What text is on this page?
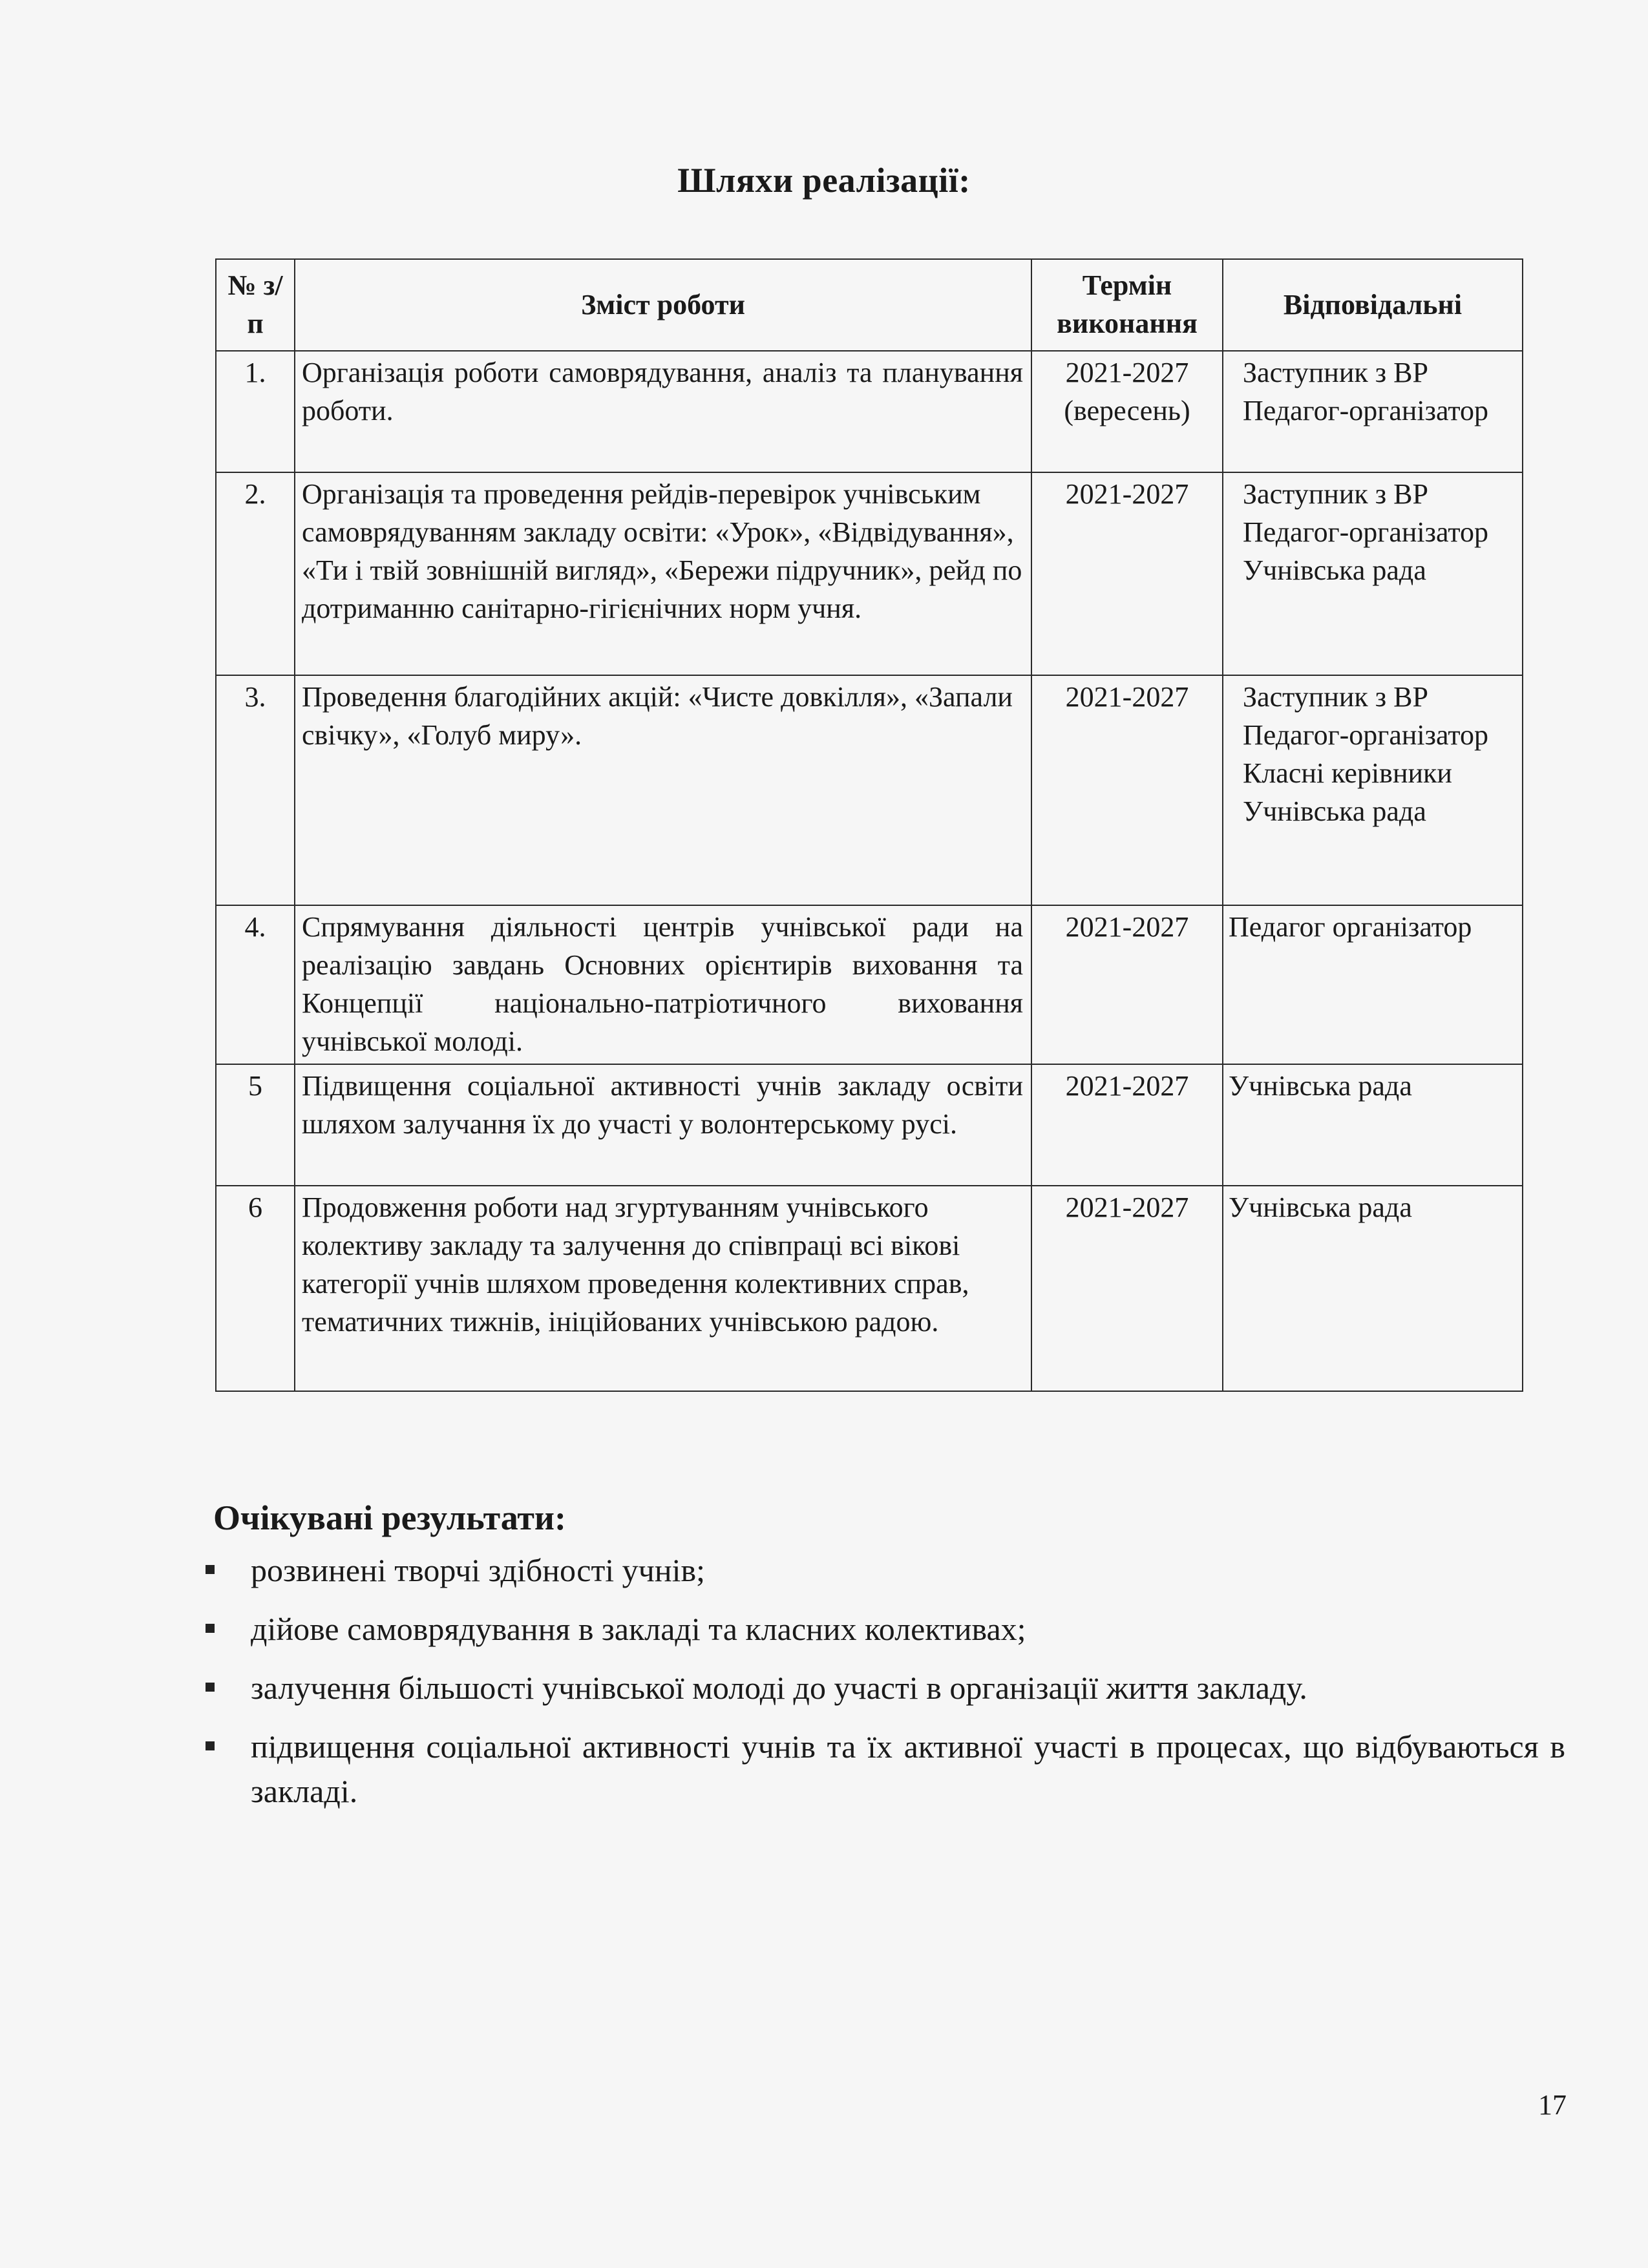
Шляхи реалізації:
№ з/п	Зміст роботи	Термін виконання	Відповідальні
1.	Організація роботи самоврядування, аналіз та планування роботи.	2021-2027 (вересень)	Заступник з ВР Педагог-організатор
2.	Організація та проведення рейдів-перевірок учнівським самоврядуванням закладу освіти: «Урок», «Відвідування», «Ти і твій зовнішній вигляд», «Бережи підручник», рейд по дотриманню санітарно-гігієнічних норм учня.	2021-2027	Заступник з ВР Педагог-організатор Учнівська рада
3.	Проведення благодійних акцій: «Чисте довкілля», «Запали свічку», «Голуб миру».	2021-2027	Заступник з ВР Педагог-організатор Класні керівники Учнівська рада
4.	Спрямування діяльності центрів учнівської ради на реалізацію завдань Основних орієнтирів виховання та Концепції національно-патріотичного виховання учнівської молоді.	2021-2027	Педагог організатор
5	Підвищення соціальної активності учнів закладу освіти шляхом залучання їх до участі у волонтерському русі.	2021-2027	Учнівська рада
6	Продовження роботи над згуртуванням учнівського колективу закладу та залучення до співпраці всі вікові категорії учнів шляхом проведення колективних справ, тематичних тижнів, ініційованих учнівською радою.	2021-2027	Учнівська рада
Очікувані результати:
розвинені творчі здібності учнів;
дійове самоврядування в закладі та класних колективах;
залучення більшості учнівської молоді до участі в організації життя закладу.
підвищення соціальної активності учнів та їх активної участі в процесах, що відбуваються в закладі.
17
